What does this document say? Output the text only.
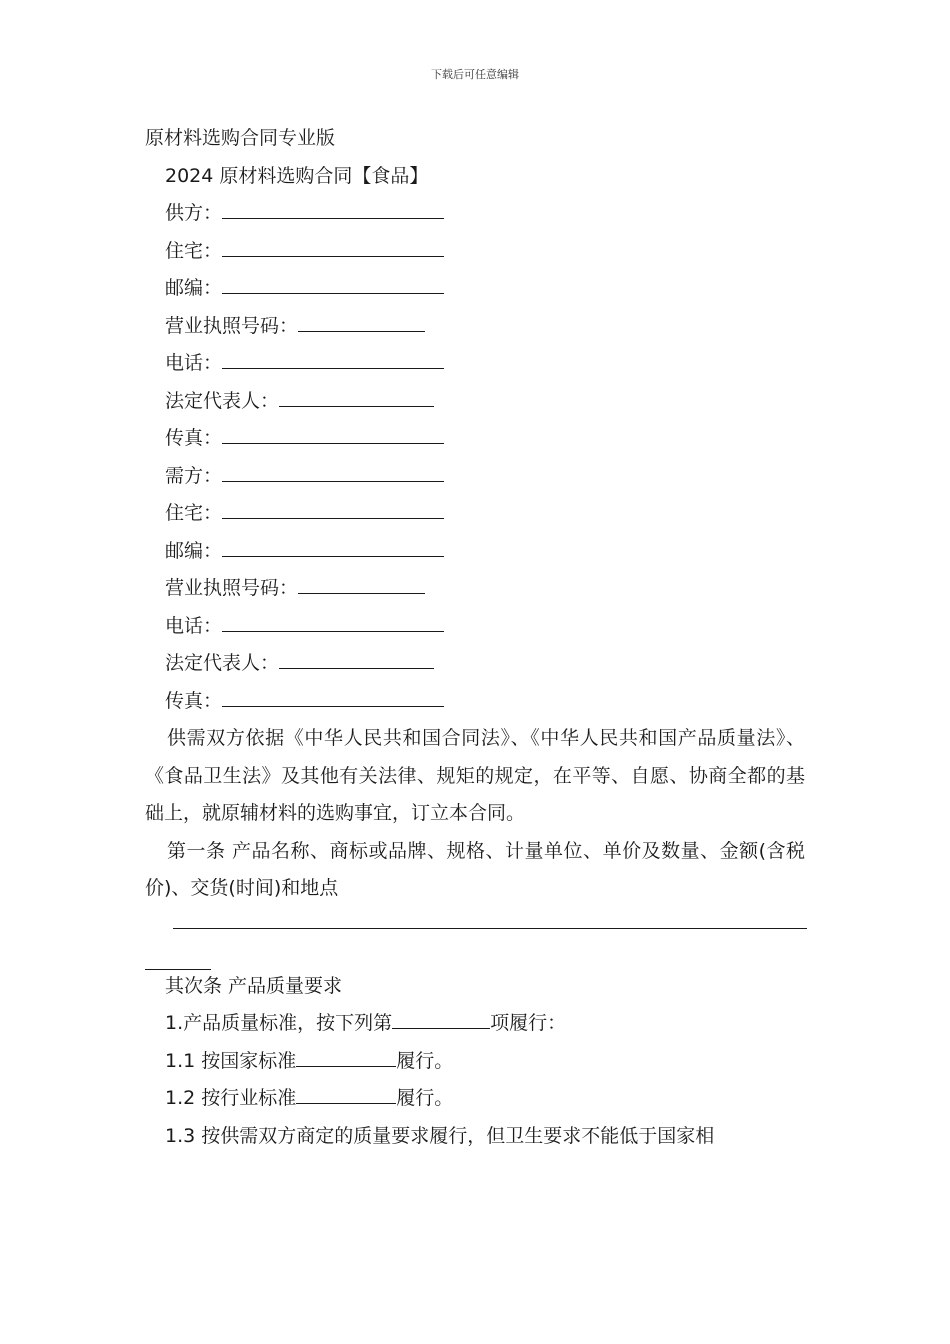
下载后可任意编辑
原材料选购合同专业版
2024 原材料选购合同【食品】
供方：
住宅：
邮编：
营业执照号码：
电话：
法定代表人：
传真：
需方：
住宅：
邮编：
营业执照号码：
电话：
法定代表人：
传真：
供需双方依据《中华人民共和国合同法》、《中华人民共和国产品质量法》、《食品卫生法》及其他有关法律、规矩的规定，在平等、自愿、协商全都的基础上，就原辅材料的选购事宜，订立本合同。
第一条 产品名称、商标或品牌、规格、计量单位、单价及数量、金额(含税价)、交货(时间)和地点
其次条 产品质量要求
1.产品质量标准，按下列第	项履行：
1.1 按国家标准	履行。
1.2 按行业标准	履行。
1.3 按供需双方商定的质量要求履行，但卫生要求不能低于国家相
